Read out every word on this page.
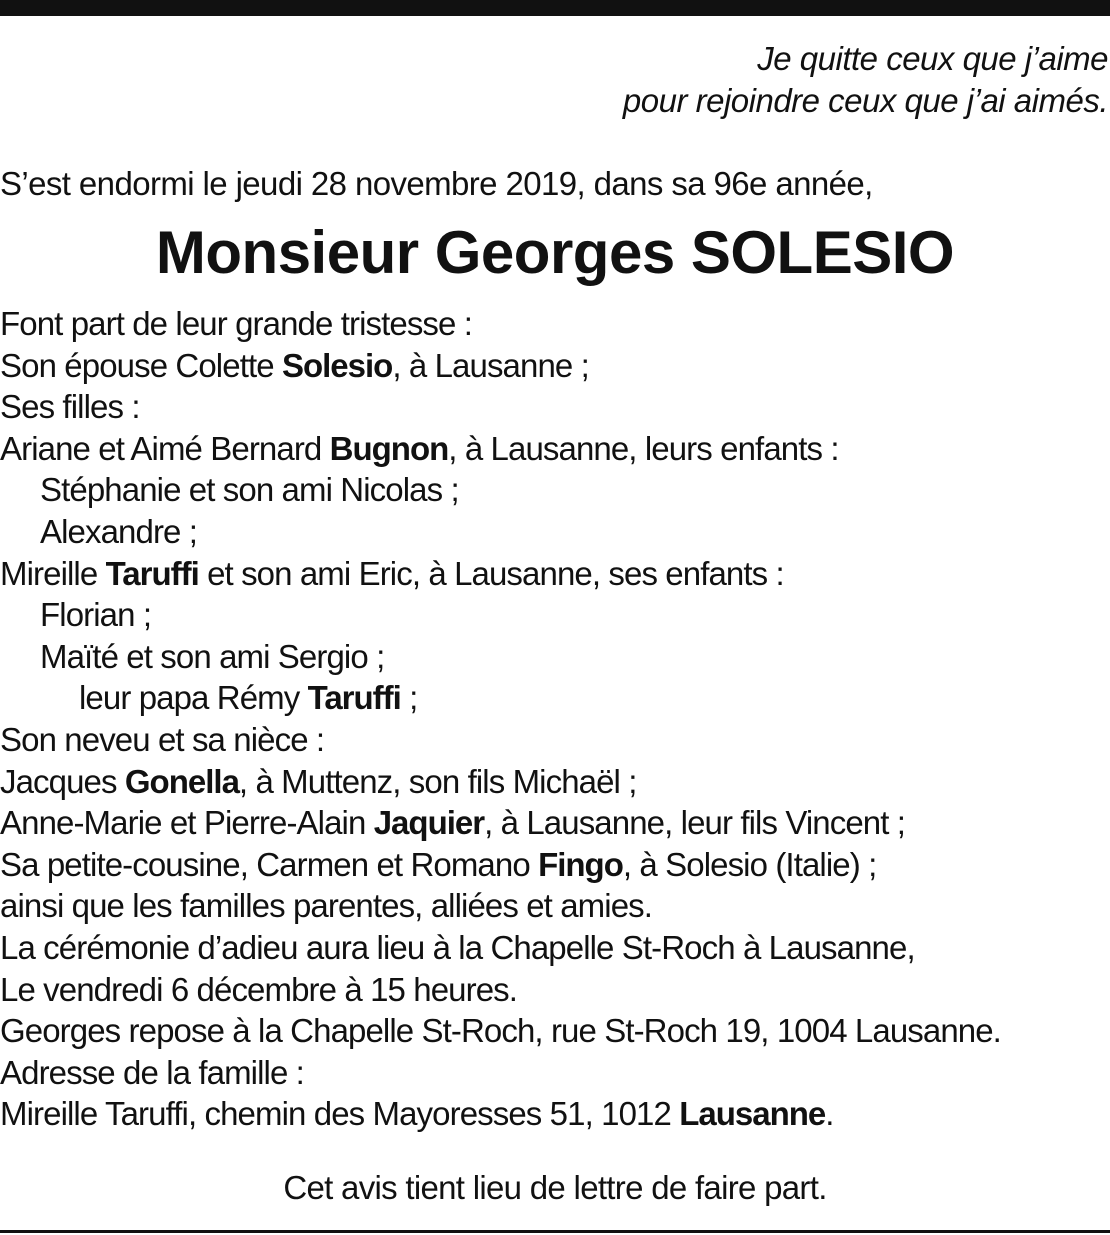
Je quitte ceux que j’aime
pour rejoindre ceux que j’ai aimés.
S’est endormi le jeudi 28 novembre 2019, dans sa 96e année,
Monsieur Georges SOLESIO
Font part de leur grande tristesse :
Son épouse Colette Solesio, à Lausanne ;
Ses filles :
Ariane et Aimé Bernard Bugnon, à Lausanne, leurs enfants :
Stéphanie et son ami Nicolas ;
Alexandre ;
Mireille Taruffi et son ami Eric, à Lausanne, ses enfants :
Florian ;
Maïté et son ami Sergio ;
leur papa Rémy Taruffi ;
Son neveu et sa nièce :
Jacques Gonella, à Muttenz, son fils Michaël ;
Anne-Marie et Pierre-Alain Jaquier, à Lausanne, leur fils Vincent ;
Sa petite-cousine, Carmen et Romano Fingo, à Solesio (Italie) ;
ainsi que les familles parentes, alliées et amies.
La cérémonie d’adieu aura lieu à la Chapelle St-Roch à Lausanne,
Le vendredi 6 décembre à 15 heures.
Georges repose à la Chapelle St-Roch, rue St-Roch 19, 1004 Lausanne.
Adresse de la famille :
Mireille Taruffi, chemin des Mayoresses 51, 1012 Lausanne.
Cet avis tient lieu de lettre de faire part.
